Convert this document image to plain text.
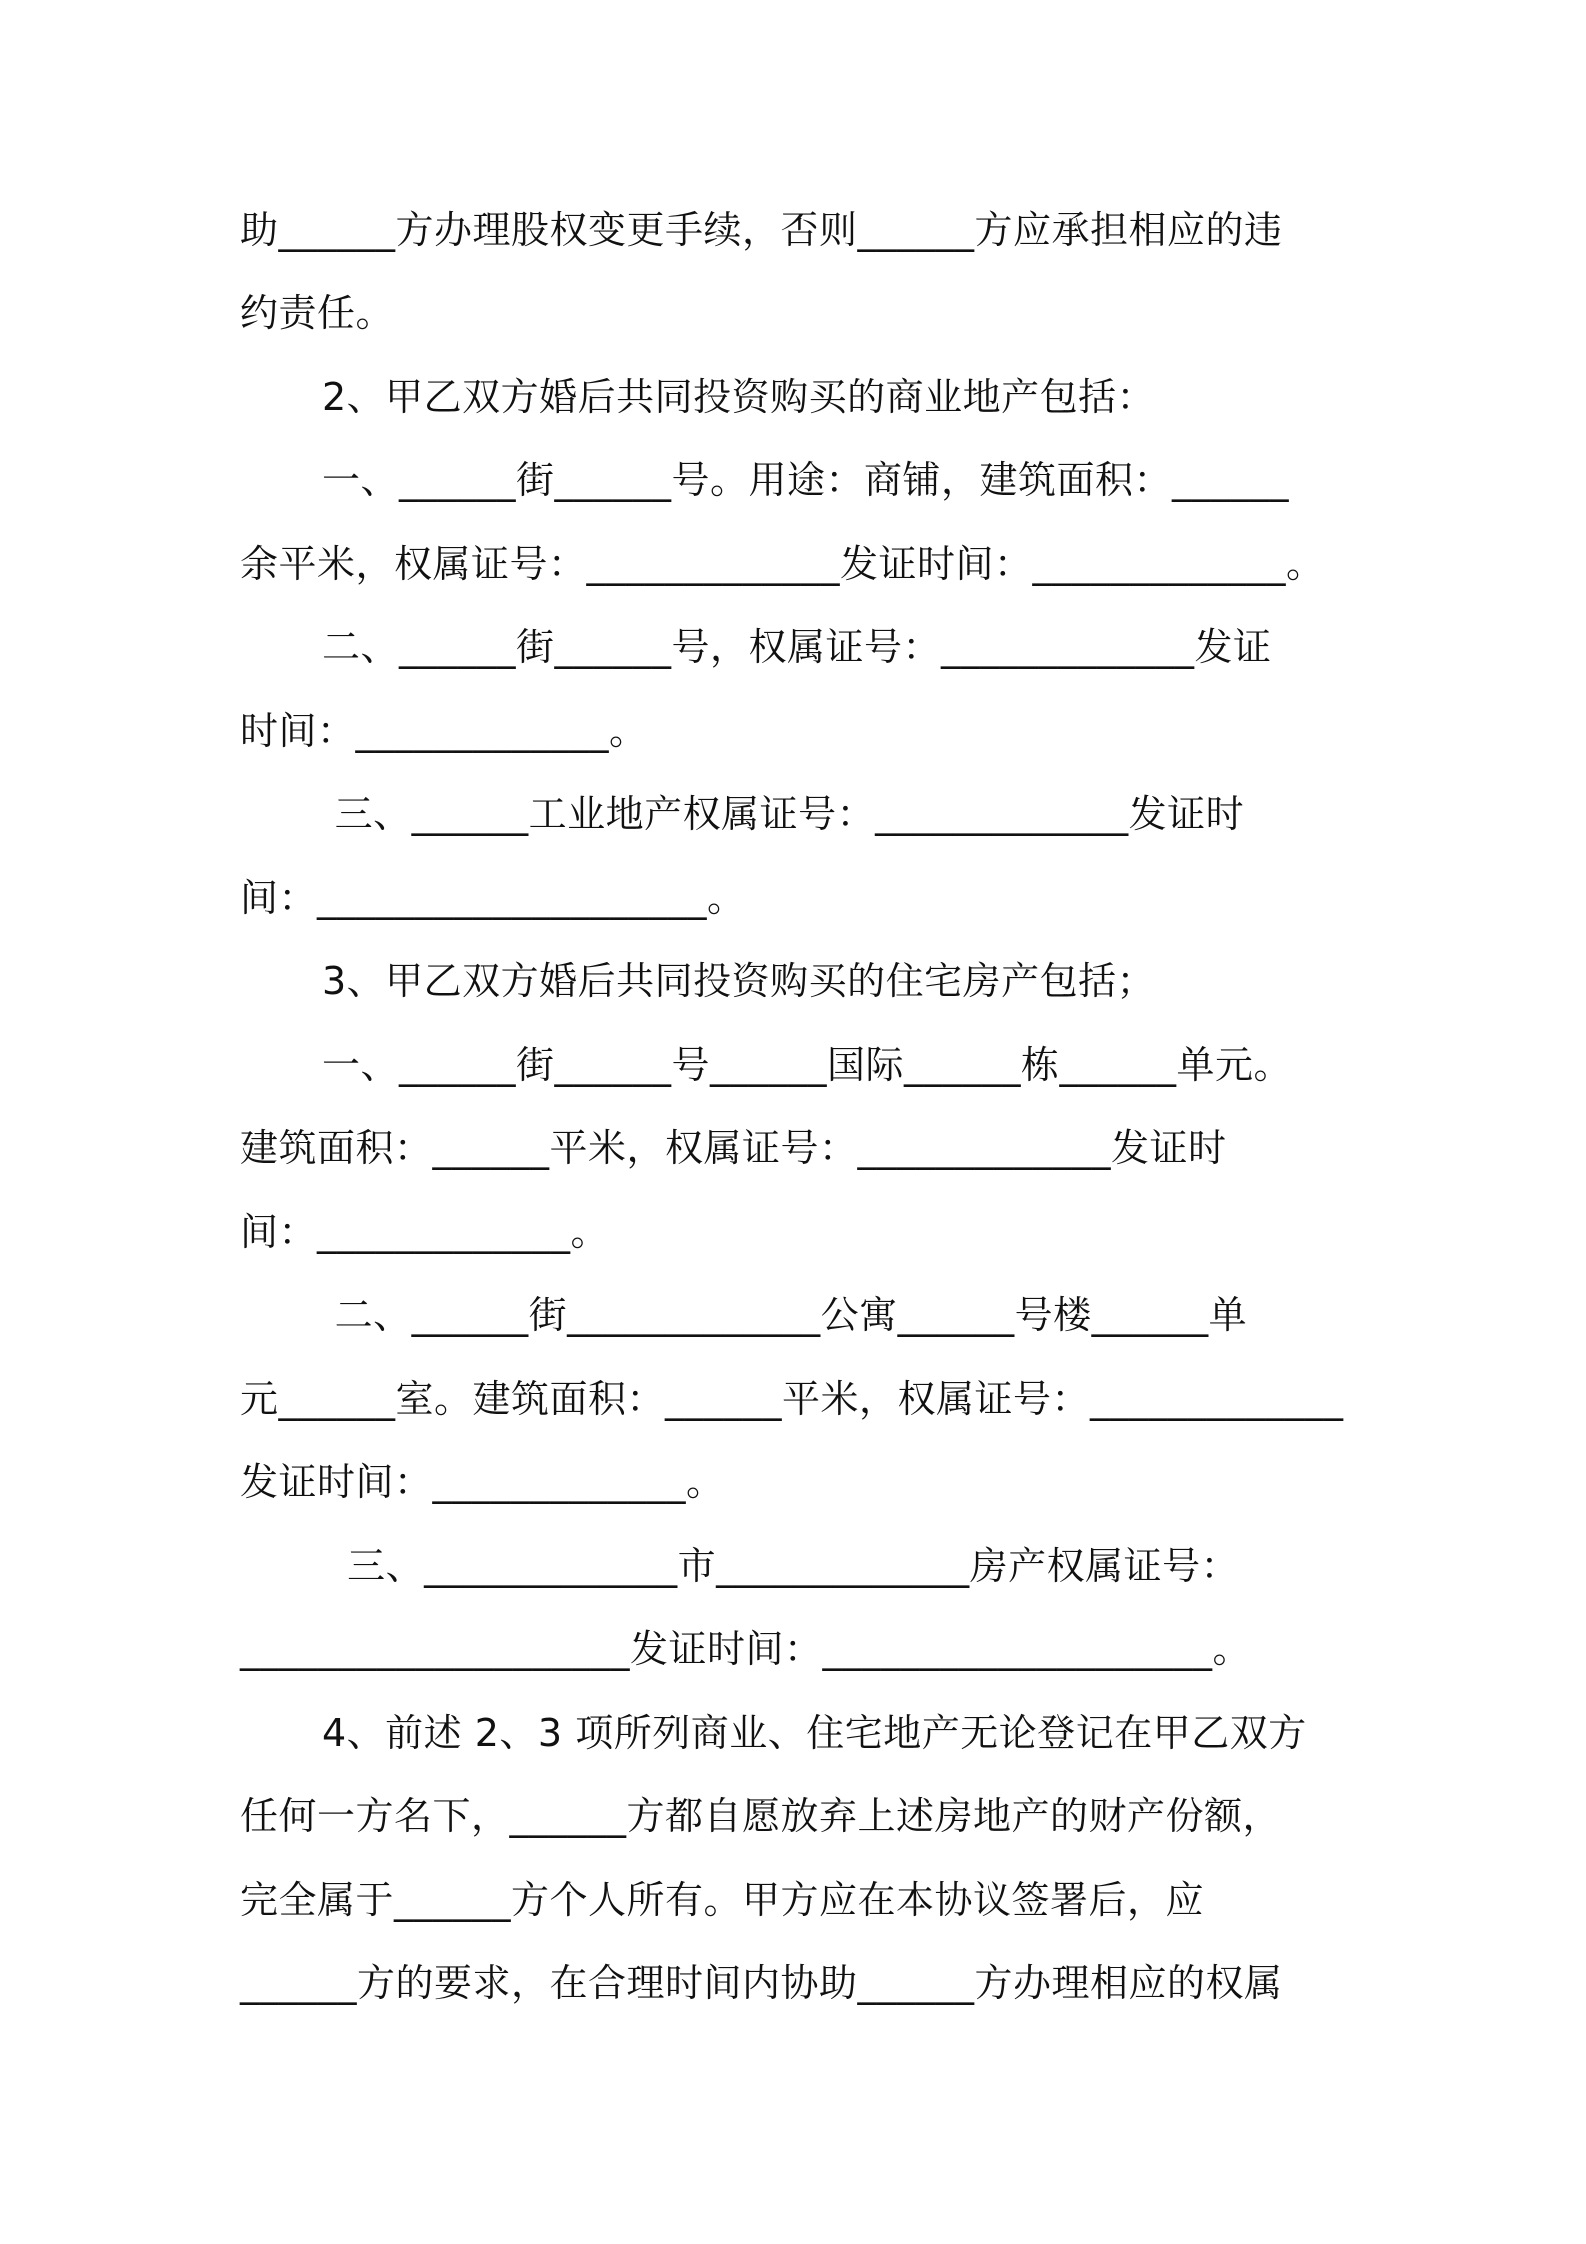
助______方办理股权变更手续，否则______方应承担相应的违
约责任。
2、甲乙双方婚后共同投资购买的商业地产包括：
一、______街______号。用途：商铺，建筑面积：______
余平米，权属证号：_____________发证时间：_____________。
二、______街______号，权属证号：_____________发证
时间：_____________。
三、______工业地产权属证号：_____________发证时
间：____________________。
3、甲乙双方婚后共同投资购买的住宅房产包括；
一、______街______号______国际______栋______单元。
建筑面积：______平米，权属证号：_____________发证时
间：_____________。
二、______街_____________公寓______号楼______单
元______室。建筑面积：______平米，权属证号：_____________
发证时间：_____________。
三、_____________市_____________房产权属证号：
____________________发证时间：____________________。
4、前述 2、3 项所列商业、住宅地产无论登记在甲乙双方
任何一方名下，______方都自愿放弃上述房地产的财产份额，
完全属于______方个人所有。甲方应在本协议签署后，应
______方的要求，在合理时间内协助______方办理相应的权属
